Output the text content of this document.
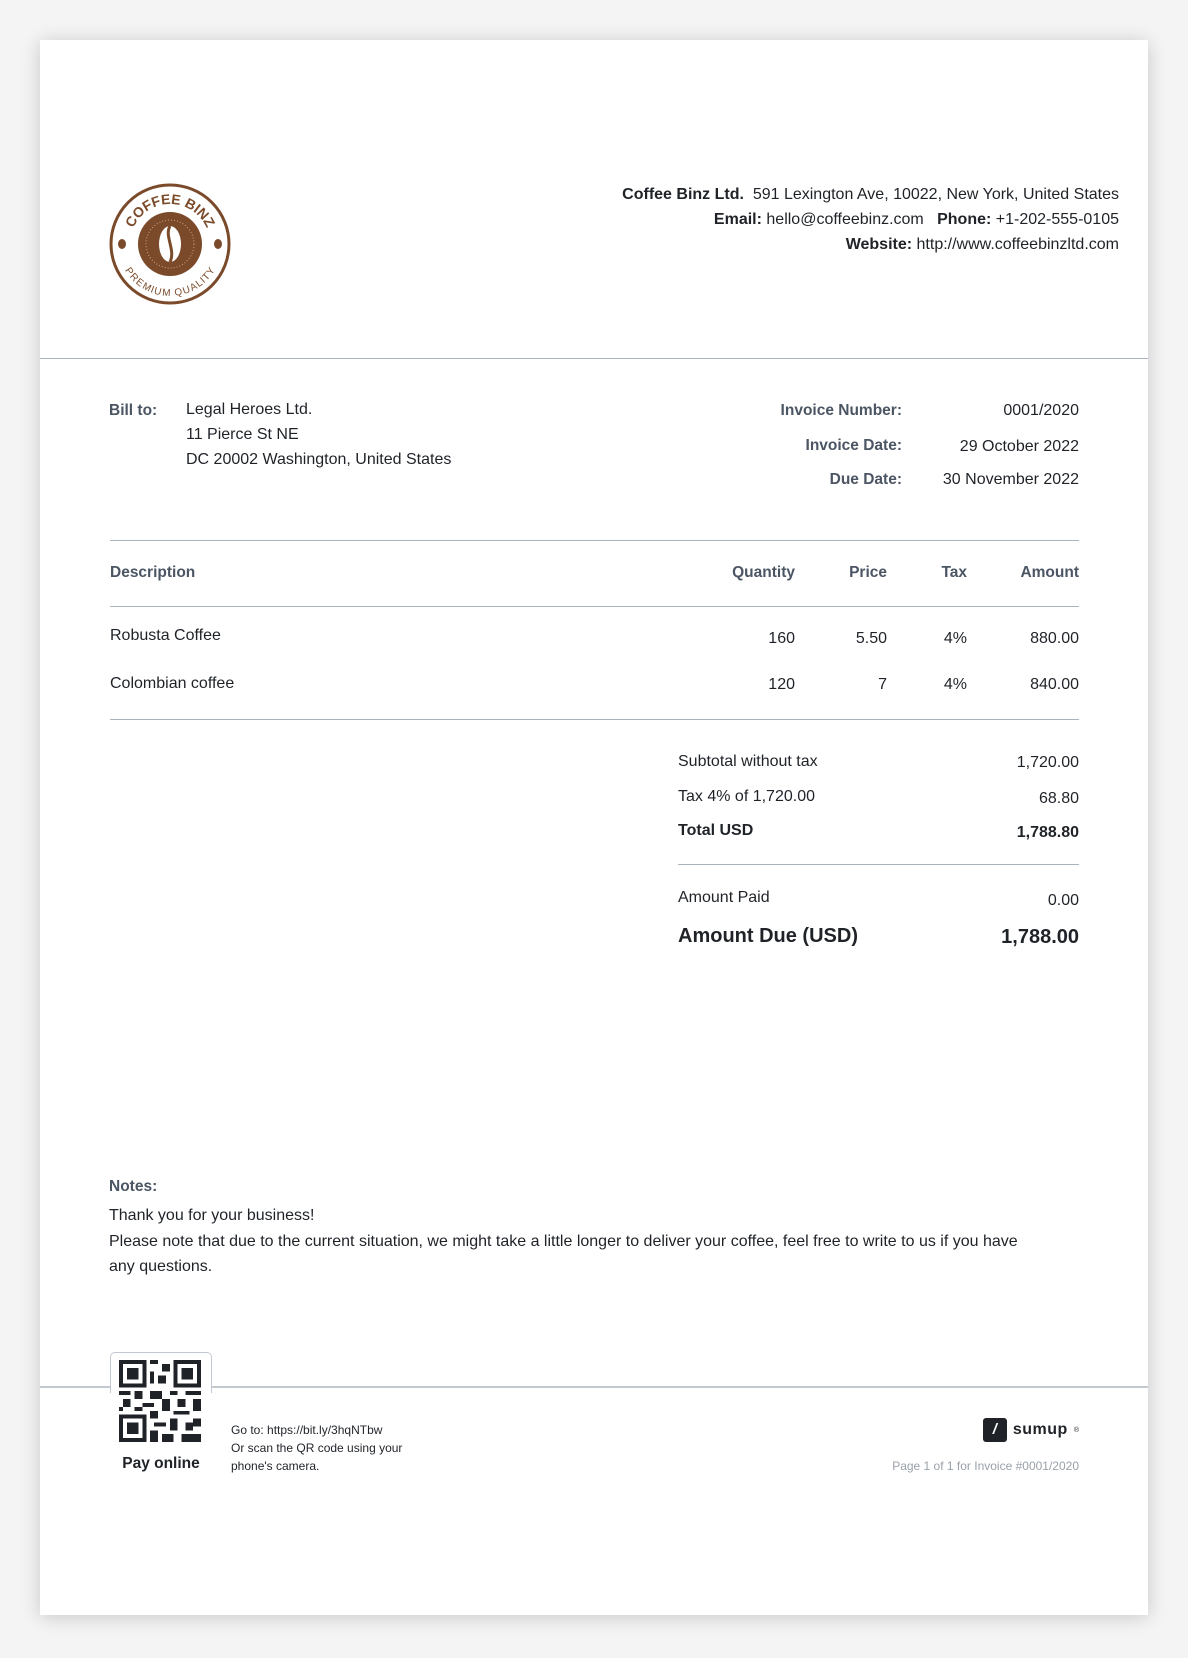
COFFEE BINZ
PREMIUM QUALITY
Coffee Binz Ltd. 591 Lexington Ave, 10022, New York, United States
Email: hello@coffeebinz.com Phone: +1-202-555-0105
Website: http://www.coffeebinzltd.com
Bill to: Legal Heroes Ltd.
11 Pierce St NE
DC 20002 Washington, United States
Invoice Number:	0001/2020
Invoice Date:	29 October 2022
Due Date:	30 November 2022
Description	Quantity	Price	Tax	Amount
Robusta Coffee	160	5.50	4%	880.00
Colombian coffee	120	7	4%	840.00
Subtotal without tax	1,720.00
Tax 4% of 1,720.00	68.80
Total USD	1,788.80
Amount Paid	0.00
Amount Due (USD)	1,788.00
Notes:
Thank you for your business!
Please note that due to the current situation, we might take a little longer to deliver your coffee, feel free to write to us if you have
any questions.
Pay online
Go to: https://bit.ly/3hqNTbw
Or scan the QR code using your
phone's camera.
/ sumup ®
Page 1 of 1 for Invoice #0001/2020
